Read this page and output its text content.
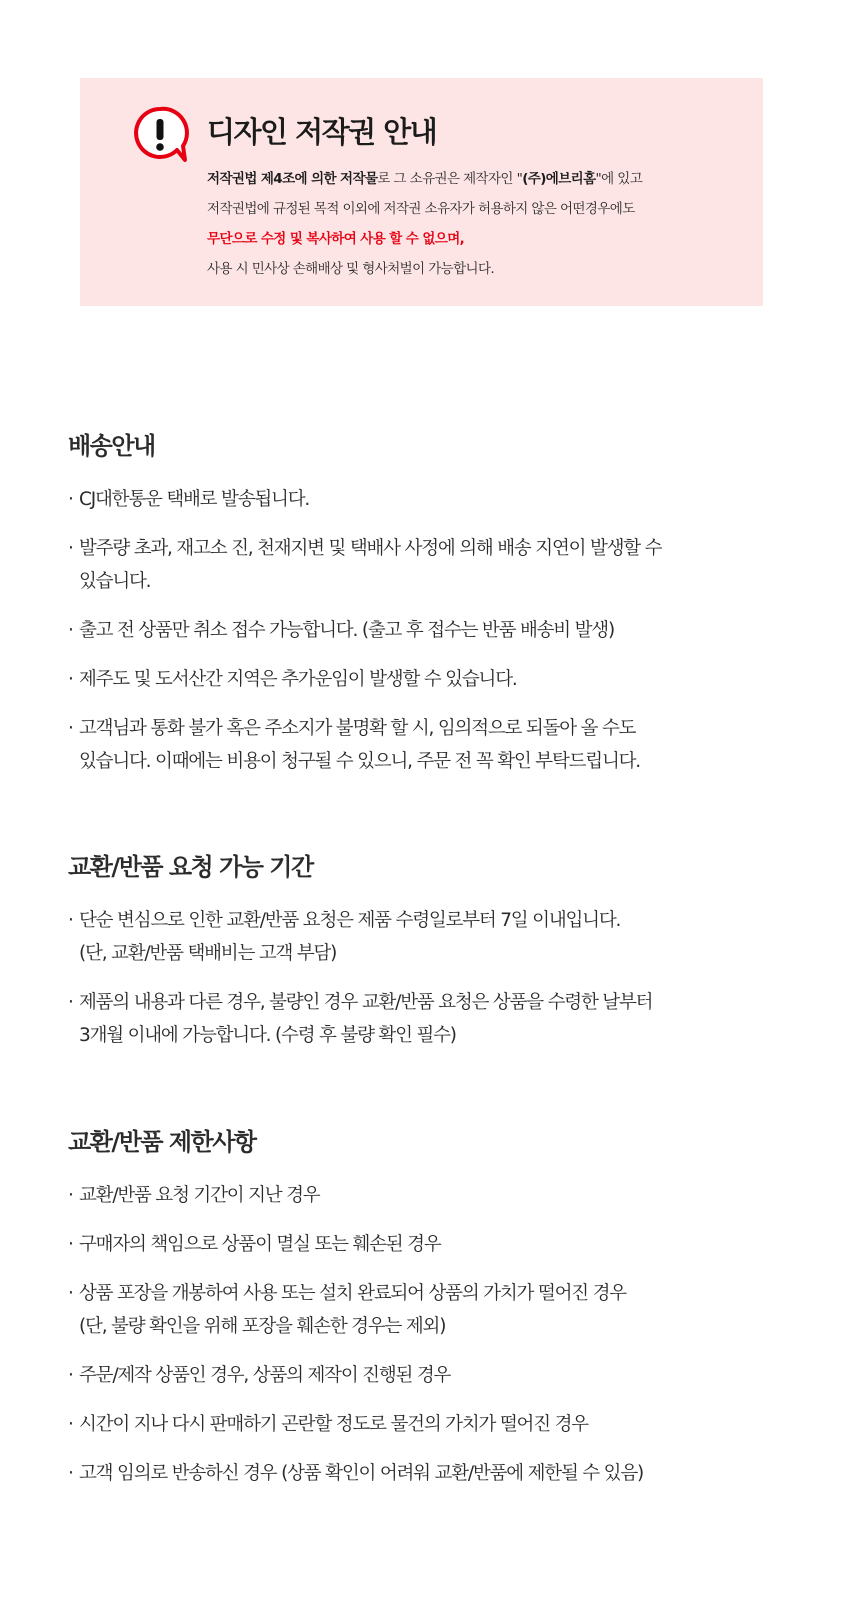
디자인 저작권 안내
저작권법 제4조에 의한 저작물로 그 소유권은 제작자인 "(주)에브리홈"에 있고
저작권법에 규정된 목적 이외에 저작권 소유자가 허용하지 않은 어떤경우에도
무단으로 수정 및 복사하여 사용 할 수 없으며,
사용 시 민사상 손해배상 및 형사처벌이 가능합니다.
배송안내
· CJ대한통운 택배로 발송됩니다.
· 발주량 초과, 재고소 진, 천재지변 및 택배사 사정에 의해 배송 지연이 발생할 수
있습니다.
· 출고 전 상품만 취소 접수 가능합니다. (출고 후 접수는 반품 배송비 발생)
· 제주도 및 도서산간 지역은 추가운임이 발생할 수 있습니다.
· 고객님과 통화 불가 혹은 주소지가 불명확 할 시, 임의적으로 되돌아 올 수도
있습니다. 이때에는 비용이 청구될 수 있으니, 주문 전 꼭 확인 부탁드립니다.
교환/반품 요청 가능 기간
· 단순 변심으로 인한 교환/반품 요청은 제품 수령일로부터 7일 이내입니다.
(단, 교환/반품 택배비는 고객 부담)
· 제품의 내용과 다른 경우, 불량인 경우 교환/반품 요청은 상품을 수령한 날부터
3개월 이내에 가능합니다. (수령 후 불량 확인 필수)
교환/반품 제한사항
· 교환/반품 요청 기간이 지난 경우
· 구매자의 책임으로 상품이 멸실 또는 훼손된 경우
· 상품 포장을 개봉하여 사용 또는 설치 완료되어 상품의 가치가 떨어진 경우
(단, 불량 확인을 위해 포장을 훼손한 경우는 제외)
· 주문/제작 상품인 경우, 상품의 제작이 진행된 경우
· 시간이 지나 다시 판매하기 곤란할 정도로 물건의 가치가 떨어진 경우
· 고객 임의로 반송하신 경우 (상품 확인이 어려워 교환/반품에 제한될 수 있음)
